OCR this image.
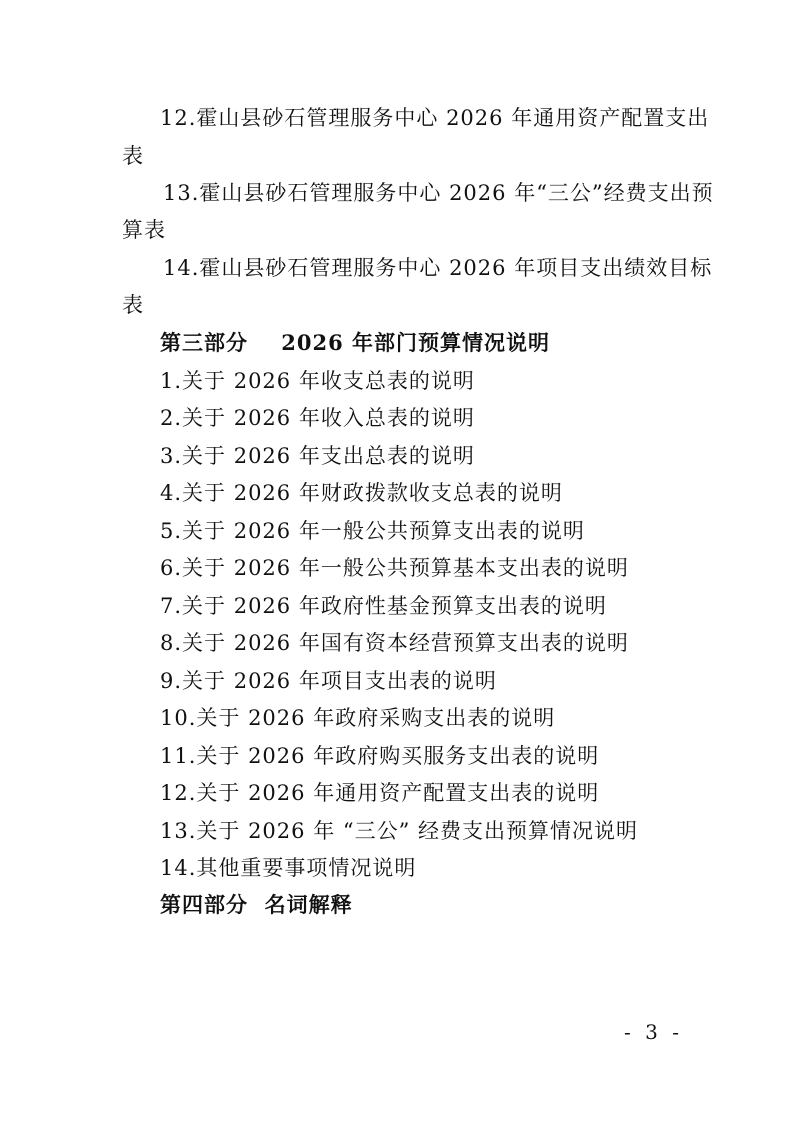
12.霍山县砂石管理服务中心 2026 年通用资产配置支出
表
13.霍山县砂石管理服务中心 2026 年“三公”经费支出预
算表
14.霍山县砂石管理服务中心 2026 年项目支出绩效目标
表
第三部分    2026 年部门预算情况说明
1.关于 2026 年收支总表的说明
2.关于 2026 年收入总表的说明
3.关于 2026 年支出总表的说明
4.关于 2026 年财政拨款收支总表的说明
5.关于 2026 年一般公共预算支出表的说明
6.关于 2026 年一般公共预算基本支出表的说明
7.关于 2026 年政府性基金预算支出表的说明
8.关于 2026 年国有资本经营预算支出表的说明
9.关于 2026 年项目支出表的说明
10.关于 2026 年政府采购支出表的说明
11.关于 2026 年政府购买服务支出表的说明
12.关于 2026 年通用资产配置支出表的说明
13.关于 2026 年 “三公” 经费支出预算情况说明
14.其他重要事项情况说明
第四部分  名词解释
- 3 -
